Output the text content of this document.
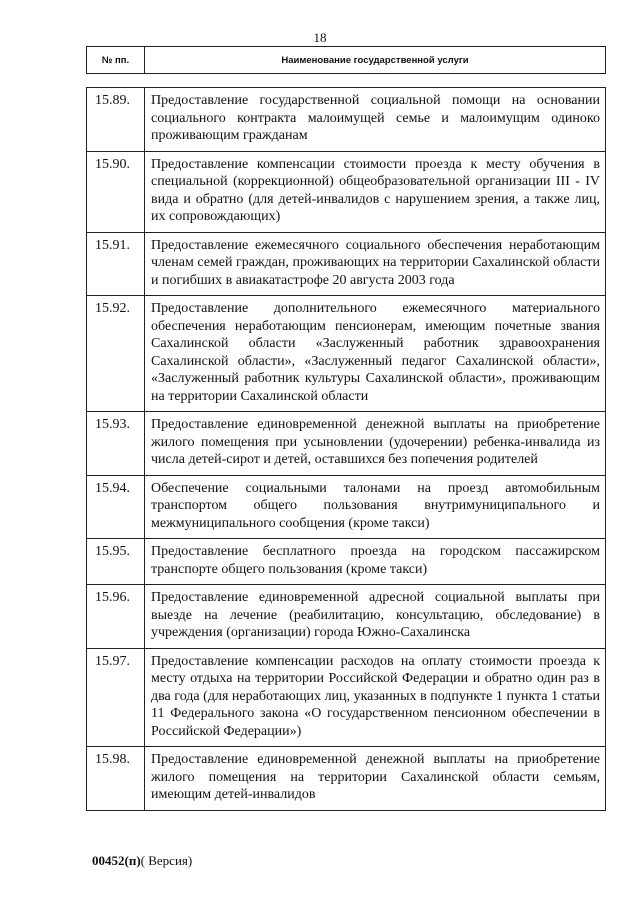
18
№ пп.	Наименование государственной услуги
15.89.	Предоставление государственной социальной помощи на основании социального контракта малоимущей семье и малоимущим одиноко проживающим гражданам
15.90.	Предоставление компенсации стоимости проезда к месту обучения в специальной (коррекционной) общеобразовательной организации III - IV вида и обратно (для детей-инвалидов с нарушением зрения, а также лиц, их сопровождающих)
15.91.	Предоставление ежемесячного социального обеспечения неработающим членам семей граждан, проживающих на территории Сахалинской области и погибших в авиакатастрофе 20 августа 2003 года
15.92.	Предоставление дополнительного ежемесячного материального обеспечения неработающим пенсионерам, имеющим почетные звания Сахалинской области «Заслуженный работник здравоохранения Сахалинской области», «Заслуженный педагог Сахалинской области», «Заслуженный работник культуры Сахалинской области», проживающим на территории Сахалинской области
15.93.	Предоставление единовременной денежной выплаты на приобретение жилого помещения при усыновлении (удочерении) ребенка-инвалида из числа детей-сирот и детей, оставшихся без попечения родителей
15.94.	Обеспечение социальными талонами на проезд автомобильным транспортом общего пользования внутримуниципального и межмуниципального сообщения (кроме такси)
15.95.	Предоставление бесплатного проезда на городском пассажирском транспорте общего пользования (кроме такси)
15.96.	Предоставление единовременной адресной социальной выплаты при выезде на лечение (реабилитацию, консультацию, обследование) в учреждения (организации) города Южно-Сахалинска
15.97.	Предоставление компенсации расходов на оплату стоимости проезда к месту отдыха на территории Российской Федерации и обратно один раз в два года (для неработающих лиц, указанных в подпункте 1 пункта 1 статьи 11 Федерального закона «О государственном пенсионном обеспечении в Российской Федерации»)
15.98.	Предоставление единовременной денежной выплаты на приобретение жилого помещения на территории Сахалинской области семьям, имеющим детей-инвалидов
00452(п)( Версия)
